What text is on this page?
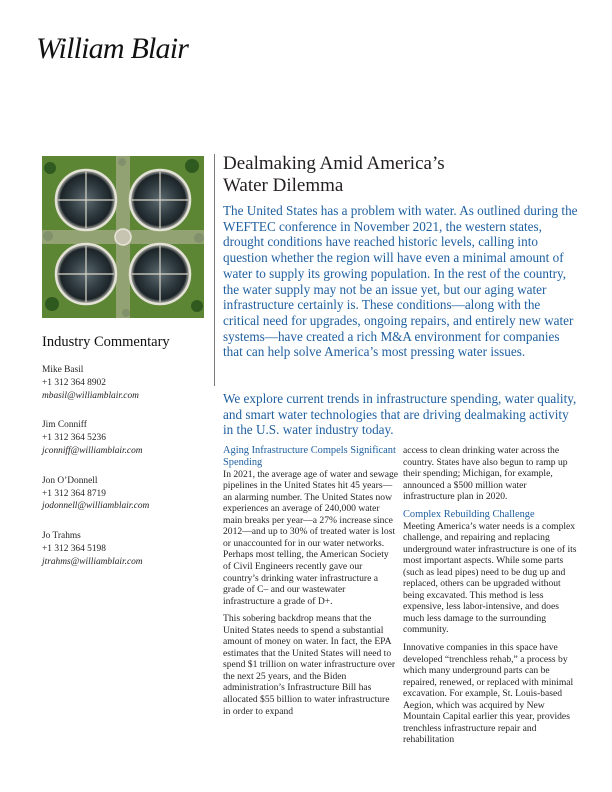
William Blair
Industry Commentary
Mike Basil
+1 312 364 8902
mbasil@williamblair.com
Jim Conniff
+1 312 364 5236
jconniff@williamblair.com
Jon O’Donnell
+1 312 364 8719
jodonnell@williamblair.com
Jo Trahms
+1 312 364 5198
jtrahms@williamblair.com
Dealmaking Amid America’s
Water Dilemma

The United States has a problem with water. As outlined during the WEFTEC conference in November 2021, the western states, drought conditions have reached historic levels, calling into question whether the region will have even a minimal amount of water to supply its growing population. In the rest of the country, the water supply may not be an issue yet, but our aging water infrastructure certainly is. These conditions—along with the critical need for upgrades, ongoing repairs, and entirely new water systems—have created a rich M&A environment for companies that can help solve America’s most pressing water issues.

We explore current trends in infrastructure spending, water quality, and smart water technologies that are driving dealmaking activity in the U.S. water industry today.

Aging Infrastructure Compels Significant Spending

In 2021, the average age of water and sewage pipelines in the United States hit 45 years—an alarming number. The United States now experiences an average of 240,000 water main breaks per year—a 27% increase since 2012—and up to 30% of treated water is lost or unaccounted for in our water networks. Perhaps most telling, the American Society of Civil Engineers recently gave our country’s drinking water infrastructure a grade of C– and our wastewater infrastructure a grade of D+.

This sobering backdrop means that the United States needs to spend a substantial amount of money on water. In fact, the EPA estimates that the United States will need to spend $1 trillion on water infrastructure over the next 25 years, and the Biden administration’s Infrastructure Bill has allocated $55 billion to water infrastructure in order to expand

access to clean drinking water across the country. States have also begun to ramp up their spending; Michigan, for example, announced a $500 million water infrastructure plan in 2020.

Complex Rebuilding Challenge

Meeting America’s water needs is a complex challenge, and repairing and replacing underground water infrastructure is one of its most important aspects. While some parts (such as lead pipes) need to be dug up and replaced, others can be upgraded without being excavated. This method is less expensive, less labor-intensive, and does much less damage to the surrounding community.

Innovative companies in this space have developed “trenchless rehab,” a process by which many underground parts can be repaired, renewed, or replaced with minimal excavation. For example, St. Louis-based Aegion, which was acquired by New Mountain Capital earlier this year, provides trenchless infrastructure repair and rehabilitation
